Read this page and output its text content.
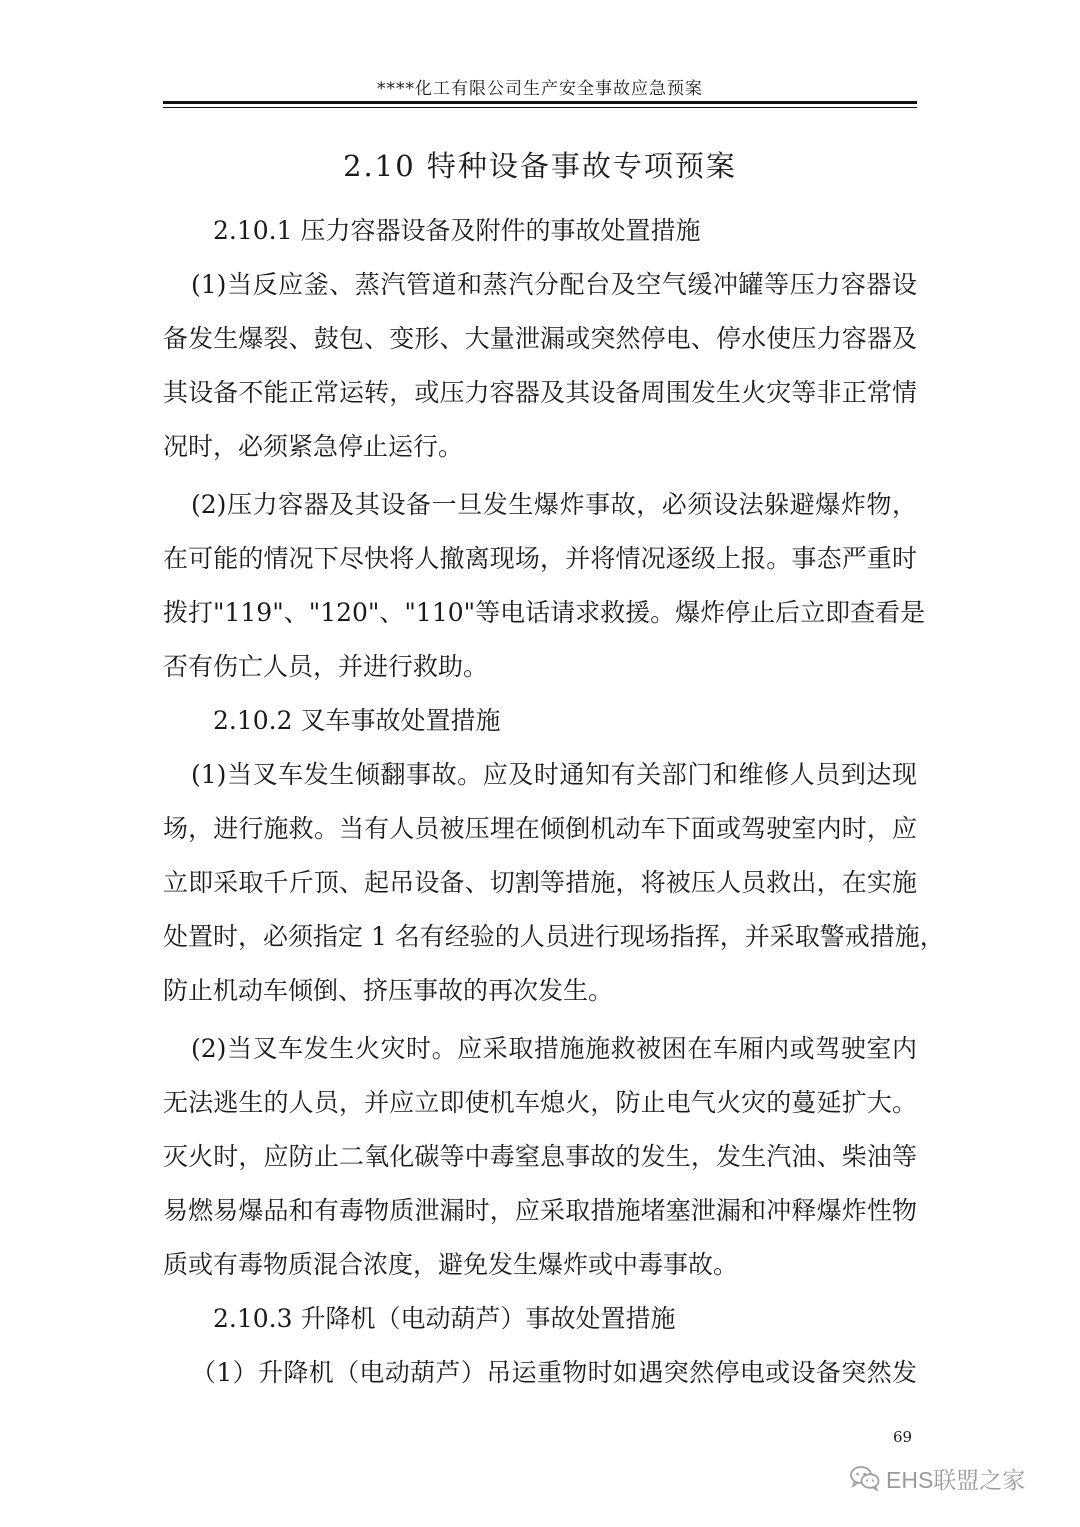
****化工有限公司生产安全事故应急预案
2.10 特种设备事故专项预案
2.10.1 压力容器设备及附件的事故处置措施
(1)当反应釜、蒸汽管道和蒸汽分配台及空气缓冲罐等压力容器设
备发生爆裂、鼓包、变形、大量泄漏或突然停电、停水使压力容器及
其设备不能正常运转，或压力容器及其设备周围发生火灾等非正常情
况时，必须紧急停止运行。
(2)压力容器及其设备一旦发生爆炸事故，必须设法躲避爆炸物，
在可能的情况下尽快将人撤离现场，并将情况逐级上报。事态严重时
拨打"119"、"120"、"110"等电话请求救援。爆炸停止后立即查看是
否有伤亡人员，并进行救助。
2.10.2 叉车事故处置措施
(1)当叉车发生倾翻事故。应及时通知有关部门和维修人员到达现
场，进行施救。当有人员被压埋在倾倒机动车下面或驾驶室内时，应
立即采取千斤顶、起吊设备、切割等措施，将被压人员救出，在实施
处置时，必须指定 1 名有经验的人员进行现场指挥，并采取警戒措施，
防止机动车倾倒、挤压事故的再次发生。
(2)当叉车发生火灾时。应采取措施施救被困在车厢内或驾驶室内
无法逃生的人员，并应立即使机车熄火，防止电气火灾的蔓延扩大。
灭火时，应防止二氧化碳等中毒窒息事故的发生，发生汽油、柴油等
易燃易爆品和有毒物质泄漏时，应采取措施堵塞泄漏和冲释爆炸性物
质或有毒物质混合浓度，避免发生爆炸或中毒事故。
2.10.3 升降机（电动葫芦）事故处置措施
（1）升降机（电动葫芦）吊运重物时如遇突然停电或设备突然发
69
EHS联盟之家
